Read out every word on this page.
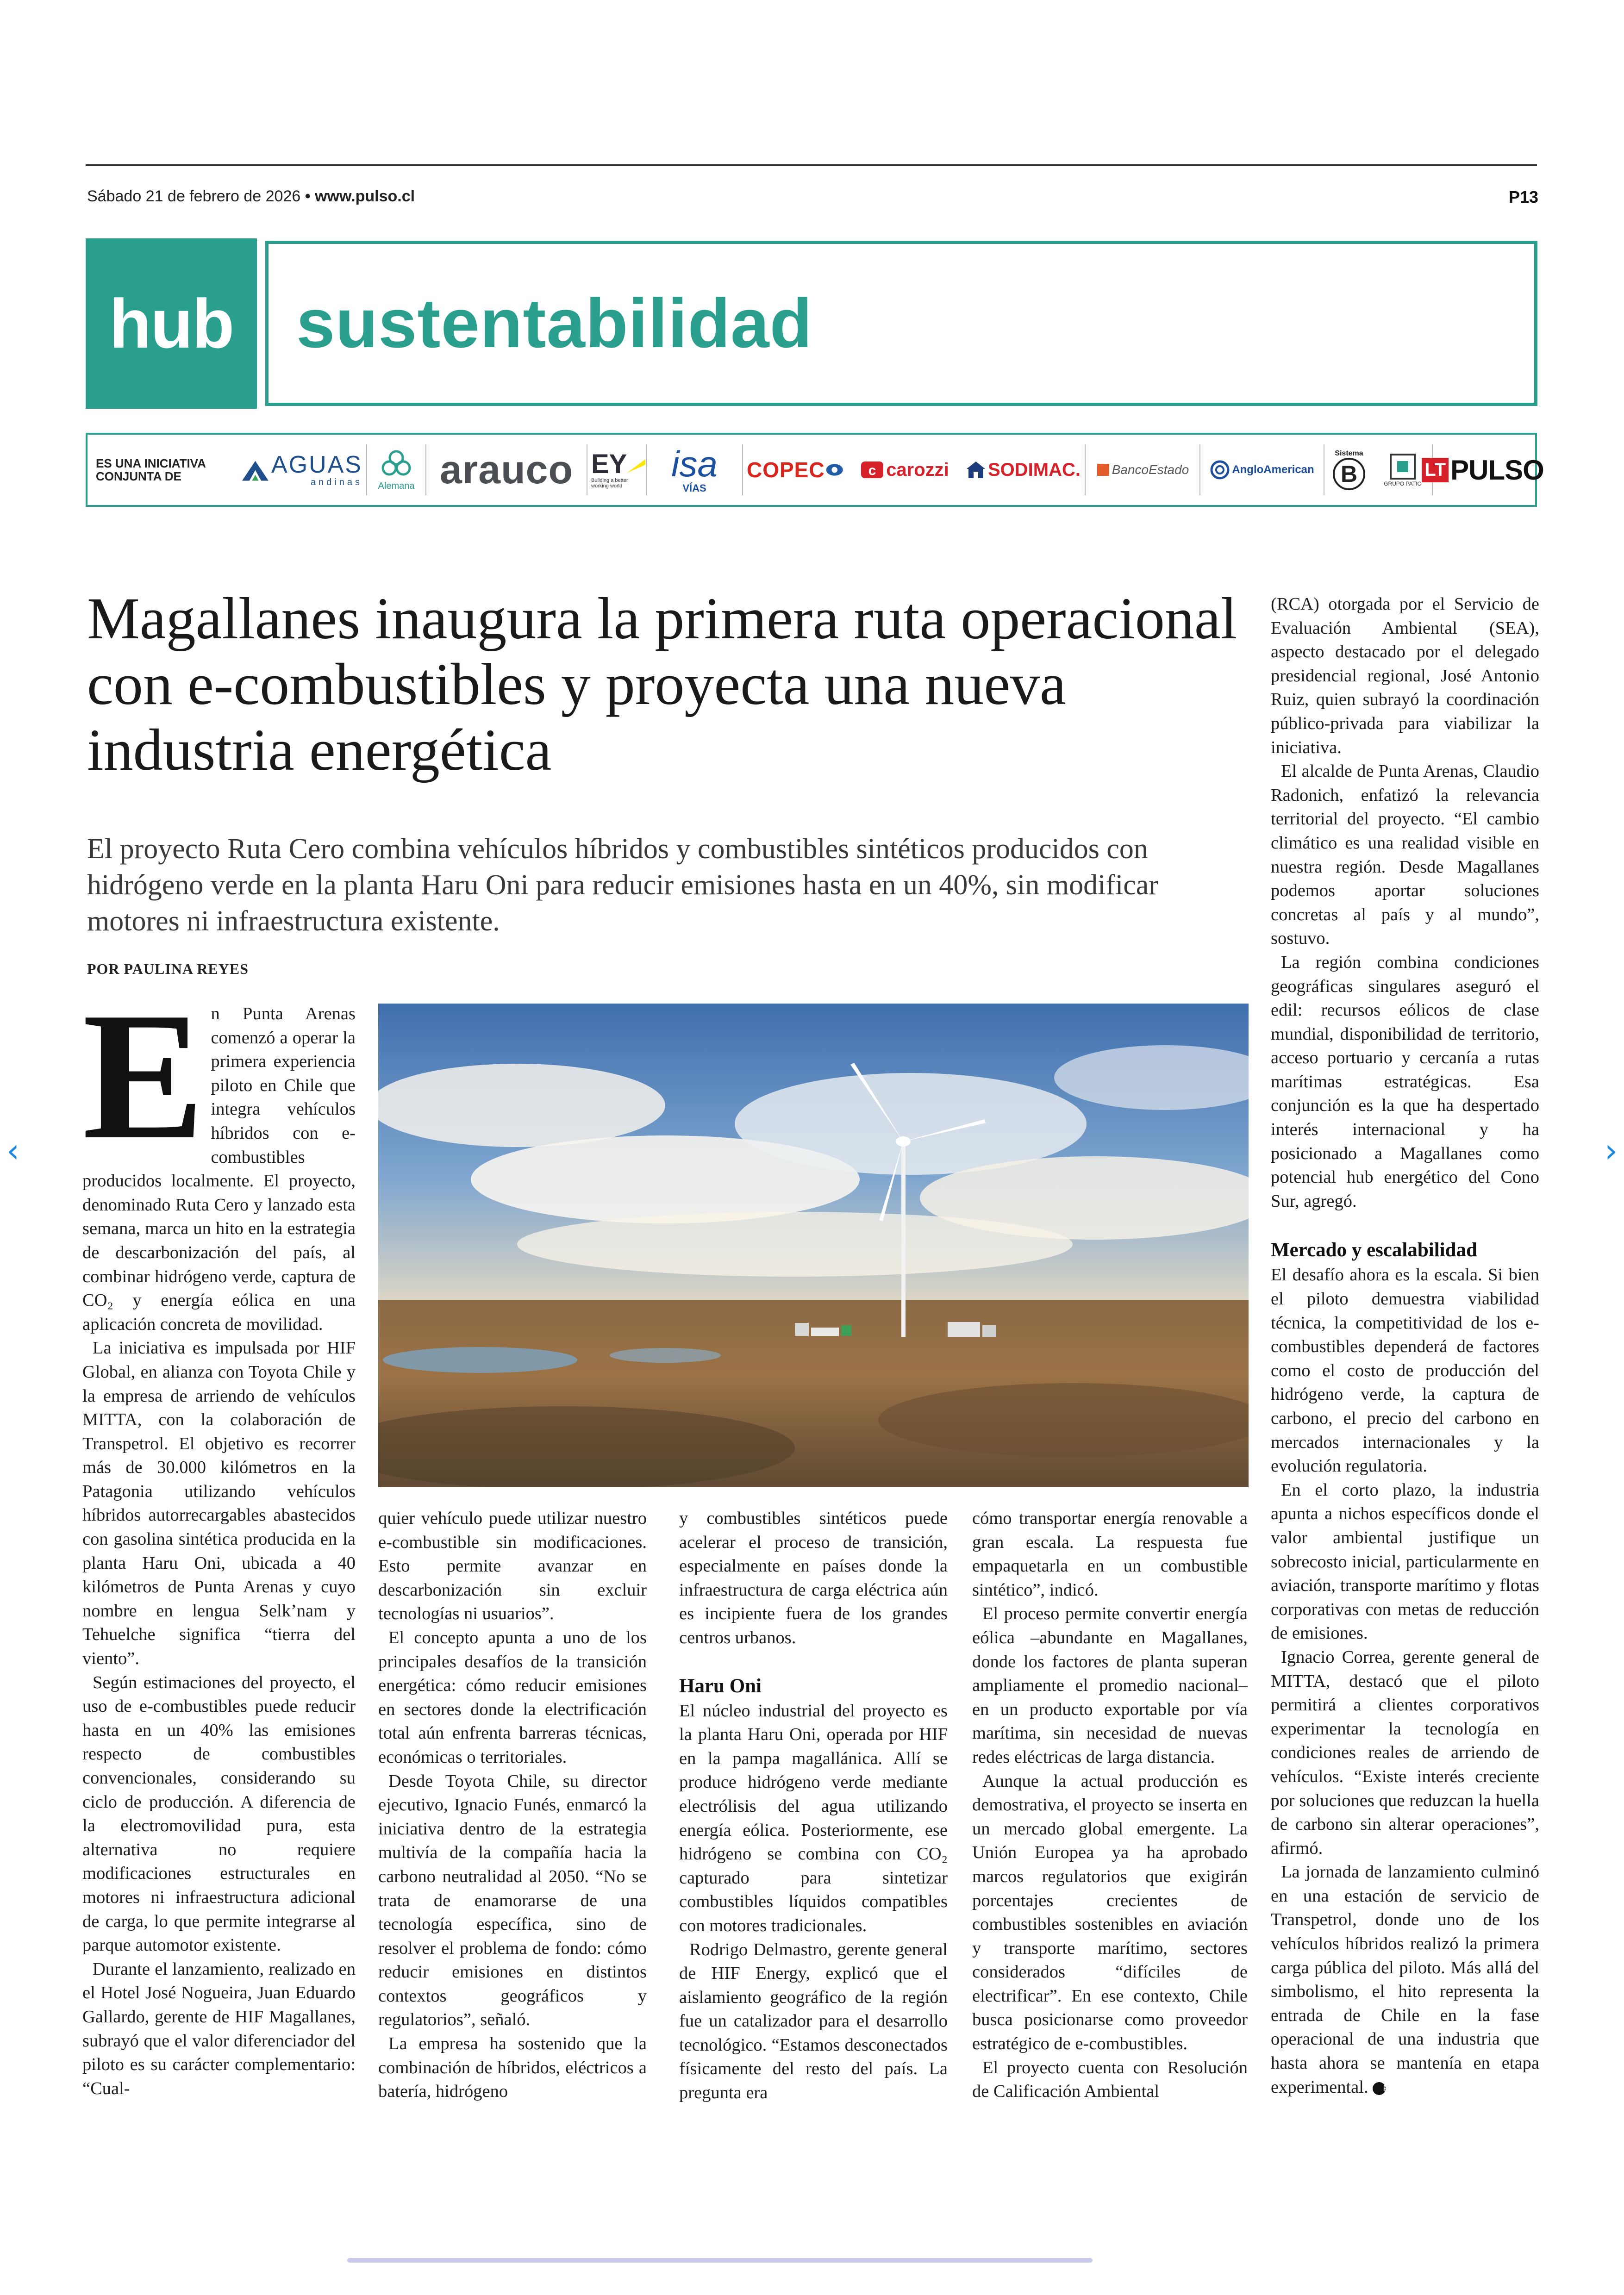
Sábado 21 de febrero de 2026 • www.pulso.cl	P13
hub sustentabilidad
ES UNA INICIATIVA CONJUNTA DE	AGUAS
andinas Alemana arauco EY
Building a better working world
isa
VÍAS
COPEC	c carozzi SODIMAC. BancoEstado	AngloAmerican
Sistema
B	GRUPO PATIO
LT PULSO
Magallanes inaugura la primera ruta operacional con e-combustibles y proyecta una nueva industria energética
El proyecto Ruta Cero combina vehículos híbridos y combustibles sintéticos producidos con hidrógeno verde en la planta Haru Oni para reducir emisiones hasta en un 40%, sin modificar motores ni infraestructura existente.
POR PAULINA REYES
E n Punta Arenas comenzó a operar la primera experiencia piloto en Chile que integra vehículos híbridos con e-combustibles producidos localmente. El proyecto, denominado Ruta Cero y lanzado esta semana, marca un hito en la estrategia de descarbonización del país, al combinar hidrógeno verde, captura de CO₂ y energía eólica en una aplicación concreta de movilidad.

La iniciativa es impulsada por HIF Global, en alianza con Toyota Chile y la empresa de arriendo de vehículos MITTA, con la colaboración de Transpetrol. El objetivo es recorrer más de 30.000 kilómetros en la Patagonia utilizando vehículos híbridos autorrecargables abastecidos con gasolina sintética producida en la planta Haru Oni, ubicada a 40 kilómetros de Punta Arenas y cuyo nombre en lengua Selk’nam y Tehuelche significa “tierra del viento”.

Según estimaciones del proyecto, el uso de e-combustibles puede reducir hasta en un 40% las emisiones respecto de combustibles convencionales, considerando su ciclo de producción. A diferencia de la electromovilidad pura, esta alternativa no requiere modificaciones estructurales en motores ni infraestructura adicional de carga, lo que permite integrarse al parque automotor existente.

Durante el lanzamiento, realizado en el Hotel José Nogueira, Juan Eduardo Gallardo, gerente de HIF Magallanes, subrayó que el valor diferenciador del piloto es su carácter complementario: “Cual-

quier vehículo puede utilizar nuestro e-combustible sin modificaciones. Esto permite avanzar en descarbonización sin excluir tecnologías ni usuarios”.

El concepto apunta a uno de los principales desafíos de la transición energética: cómo reducir emisiones en sectores donde la electrificación total aún enfrenta barreras técnicas, económicas o territoriales.

Desde Toyota Chile, su director ejecutivo, Ignacio Funés, enmarcó la iniciativa dentro de la estrategia multivía de la compañía hacia la carbono neutralidad al 2050. “No se trata de enamorarse de una tecnología específica, sino de resolver el problema de fondo: cómo reducir emisiones en distintos contextos geográficos y regulatorios”, señaló.

La empresa ha sostenido que la combinación de híbridos, eléctricos a batería, hidrógeno

y combustibles sintéticos puede acelerar el proceso de transición, especialmente en países donde la infraestructura de carga eléctrica aún es incipiente fuera de los grandes centros urbanos.

Haru Oni

El núcleo industrial del proyecto es la planta Haru Oni, operada por HIF en la pampa magallánica. Allí se produce hidrógeno verde mediante electrólisis del agua utilizando energía eólica. Posteriormente, ese hidrógeno se combina con CO₂ capturado para sintetizar combustibles líquidos compatibles con motores tradicionales.

Rodrigo Delmastro, gerente general de HIF Energy, explicó que el aislamiento geográfico de la región fue un catalizador para el desarrollo tecnológico. “Estamos desconectados físicamente del resto del país. La pregunta era

cómo transportar energía renovable a gran escala. La respuesta fue empaquetarla en un combustible sintético”, indicó.

El proceso permite convertir energía eólica –abundante en Magallanes, donde los factores de planta superan ampliamente el promedio nacional– en un producto exportable por vía marítima, sin necesidad de nuevas redes eléctricas de larga distancia.

Aunque la actual producción es demostrativa, el proyecto se inserta en un mercado global emergente. La Unión Europea ya ha aprobado marcos regulatorios que exigirán porcentajes crecientes de combustibles sostenibles en aviación y transporte marítimo, sectores considerados “difíciles de electrificar”. En ese contexto, Chile busca posicionarse como proveedor estratégico de e-combustibles.

El proyecto cuenta con Resolución de Calificación Ambiental

(RCA) otorgada por el Servicio de Evaluación Ambiental (SEA), aspecto destacado por el delegado presidencial regional, José Antonio Ruiz, quien subrayó la coordinación público-privada para viabilizar la iniciativa.

El alcalde de Punta Arenas, Claudio Radonich, enfatizó la relevancia territorial del proyecto. “El cambio climático es una realidad visible en nuestra región. Desde Magallanes podemos aportar soluciones concretas al país y al mundo”, sostuvo.

La región combina condiciones geográficas singulares aseguró el edil: recursos eólicos de clase mundial, disponibilidad de territorio, acceso portuario y cercanía a rutas marítimas estratégicas. Esa conjunción es la que ha despertado interés internacional y ha posicionado a Magallanes como potencial hub energético del Cono Sur, agregó.

Mercado y escalabilidad

El desafío ahora es la escala. Si bien el piloto demuestra viabilidad técnica, la competitividad de los e-combustibles dependerá de factores como el costo de producción del hidrógeno verde, la captura de carbono, el precio del carbono en mercados internacionales y la evolución regulatoria.

En el corto plazo, la industria apunta a nichos específicos donde el valor ambiental justifique un sobrecosto inicial, particularmente en aviación, transporte marítimo y flotas corporativas con metas de reducción de emisiones.

Ignacio Correa, gerente general de MITTA, destacó que el piloto permitirá a clientes corporativos experimentar la tecnología en condiciones reales de arriendo de vehículos. “Existe interés creciente por soluciones que reduzcan la huella de carbono sin alterar operaciones”, afirmó.

La jornada de lanzamiento culminó en una estación de servicio de Transpetrol, donde uno de los vehículos híbridos realizó la primera carga pública del piloto. Más allá del simbolismo, el hito representa la entrada de Chile en la fase operacional de una industria que hasta ahora se mantenía en etapa experimental. P

‹	›
